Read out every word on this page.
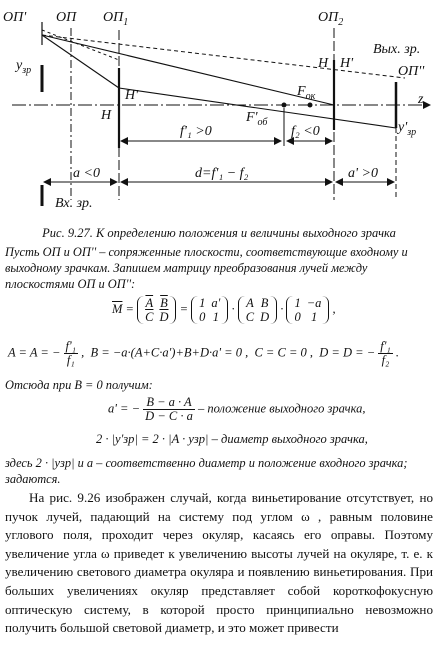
ОП' ОП $ОП_1$	$ОП_2$
$y_{зр}$
H'
H
H H'
$F_{ок}$
$F'_{об}$
Вых. зр.
ОП''
z
$y'_{зр}$
f'₁ >0	f₂ <0
a <0	d=f'₁ − f₂	a' >0
Вх. зр.
Рис. 9.27. К определению положения и величины выходного зрачка
Пусть ОП и ОП'' – сопряженные плоскости, соответствующие входному и выходному зрачкам. Запишем матрицу преобразования лучей между плоскостями ОП и ОП'':
$\overline{M} = \overline{A}$	$\overline{B}$
$\overline{C}$	$\overline{D}$
= 1	a'
0	1
· A	B
C	D
· 1	−a
0	1
,
A = A = − $\frac{\text{f'₁}}{\text{f₁}}$ ,  B = −a·(A+C·a')+B+D·a' = 0 , C = C = 0 , D = D = − $\frac{\text{f'₁}}{\text{f₂}}$ .
Отсюда при B = 0 получим:
a' = − $\frac{B - a \cdot A}{D - C \cdot a}$ – положение выходного зрачка,
2 · |y'зр| = 2 · |A · yзр| – диаметр выходного зрачка,
здесь 2 · |yзр| и a – соответственно диаметр и положение входного зрачка; задаются.
На рис. 9.26 изображен случай, когда виньетирование отсутствует, но пучок лучей, падающий на систему под углом ω , равным половине углового поля, проходит через окуляр, касаясь его оправы. Поэтому увеличение угла ω приведет к увеличению высоты лучей на окуляре, т. е. к увеличению светового диаметра окуляра и появлению виньетирования. При больших увеличениях окуляр представляет собой короткофокусную оптическую систему, в которой просто принципиально невозможно получить большой световой диаметр, и это может привести
